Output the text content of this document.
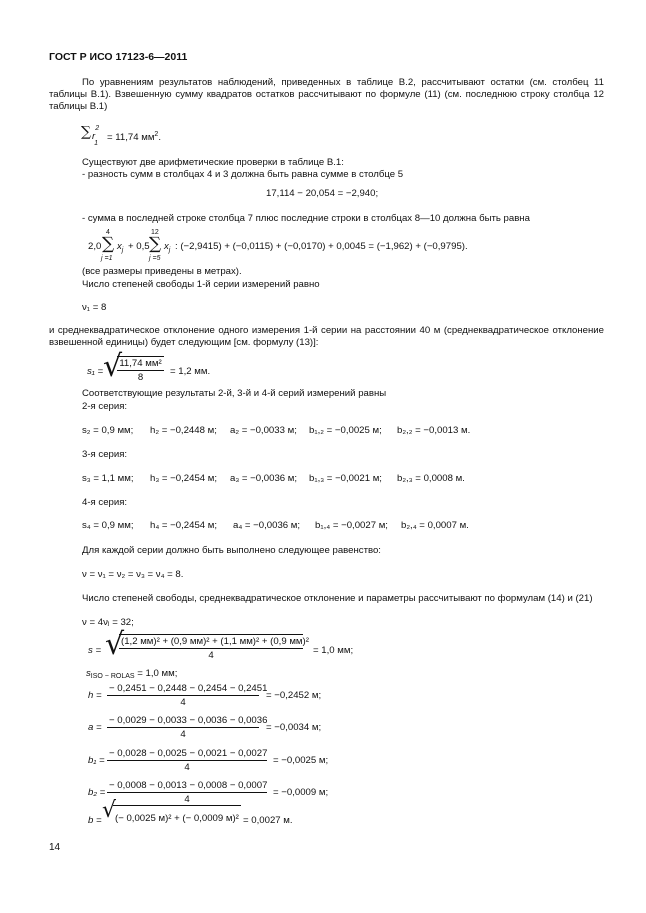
ГОСТ Р ИСО 17123-6—2011
По уравнениям результатов наблюдений, приведенных в таблице В.2, рассчитывают остатки (см. столбец 11 таблицы В.1). Взвешенную сумму квадратов остатков рассчитывают по формуле (11) (см. последнюю строку столбца 12 таблицы В.1)
∑ $r^2_1$
= 11,74 $мм^2$.
Существуют две арифметические проверки в таблице В.1:
- разность сумм в столбцах 4 и 3 должна быть равна сумме в столбце 5
17,114 − 20,054 = −2,940;
- сумма в последней строке столбца 7 плюс последние строки в столбцах 8—10 должна быть равна
2,0 ∑
4
j =1
$x_j + 0,5$ ∑
12
j =5
$x_j$ : (−2,9415) + (−0,0115) + (−0,0170) + 0,0045 = (−1,962) + (−0,9795).
(все размеры приведены в метрах).
Число степеней свободы 1-й серии измерений равно
ν₁ = 8
и среднеквадратическое отклонение одного измерения 1-й серии на расстоянии 40 м (среднеквадратическое отклонение взвешенной единицы) будет следующим [см. формулу (13)]:
s₁ = √
11,74 мм²
8
= 1,2 мм.
Соответствующие результаты 2-й, 3-й и 4-й серий измерений равны
2-я серия:
s₂ = 0,9 мм; h₂ = −0,2448 м; a₂ = −0,0033 м; b₁,₂ = −0,0025 м; b₂,₂ = −0,0013 м.
3-я серия:
s₃ = 1,1 мм; h₃ = −0,2454 м; a₃ = −0,0036 м; b₁,₃ = −0,0021 м; b₂,₃ = 0,0008 м.
4-я серия:
s₄ = 0,9 мм; h₄ = −0,2454 м; a₄ = −0,0036 м; b₁,₄ = −0,0027 м; b₂,₄ = 0,0007 м.
Для каждой серии должно быть выполнено следующее равенство:
ν = ν₁ = ν₂ = ν₃ = ν₄ = 8.
Число степеней свободы, среднеквадратическое отклонение и параметры рассчитывают по формулам (14) и (21)
ν = 4νⱼ = 32;
s = √
(1,2 мм)² + (0,9 мм)² + (1,1 мм)² + (0,9 мм)²
4	= 1,0 мм;
$s_{ISO - ROLAS} = 1,0$ мм;
$h = \frac{- 0,2451 - 0,2448 - 0,2454 - 0,2451}{4} = -0,2452$ м;
$a = \frac{- 0,0029 - 0,0033 - 0,0036 - 0,0036}{4} = -0,0034$ м;
$b_1 = \frac{- 0,0028 - 0,0025 - 0,0021 - 0,0027}{4} = -0,0025$ м;
$b_2 = \frac{- 0,0008 - 0,0013 - 0,0008 - 0,0007}{4} = -0,0009$ м;
b = √
(− 0,0025 м)² + (− 0,0009 м)² = 0,0027 м.
14
